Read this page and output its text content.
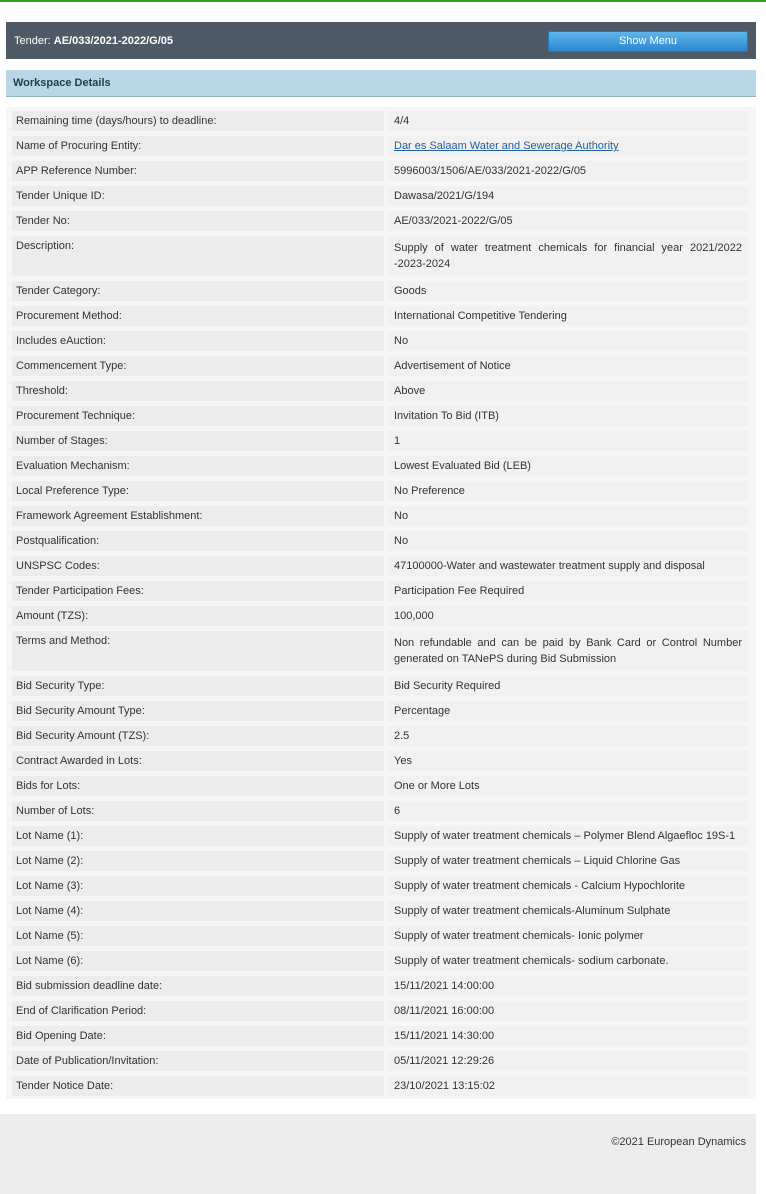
Tender: AE/033/2021-2022/G/05	Show Menu
Workspace Details
Remaining time (days/hours) to deadline:	4/4
Name of Procuring Entity:	Dar es Salaam Water and Sewerage Authority
APP Reference Number:	5996003/1506/AE/033/2021-2022/G/05
Tender Unique ID:	Dawasa/2021/G/194
Tender No:	AE/033/2021-2022/G/05
Description:	Supply of water treatment chemicals for financial year 2021/2022 -2023-2024
Tender Category:	Goods
Procurement Method:	International Competitive Tendering
Includes eAuction:	No
Commencement Type:	Advertisement of Notice
Threshold:	Above
Procurement Technique:	Invitation To Bid (ITB)
Number of Stages:	1
Evaluation Mechanism:	Lowest Evaluated Bid (LEB)
Local Preference Type:	No Preference
Framework Agreement Establishment:	No
Postqualification:	No
UNSPSC Codes:	47100000-Water and wastewater treatment supply and disposal
Tender Participation Fees:	Participation Fee Required
Amount (TZS):	100,000
Terms and Method:	Non refundable and can be paid by Bank Card or Control Number generated on TANePS during Bid Submission
Bid Security Type:	Bid Security Required
Bid Security Amount Type:	Percentage
Bid Security Amount (TZS):	2.5
Contract Awarded in Lots:	Yes
Bids for Lots:	One or More Lots
Number of Lots:	6
Lot Name (1):	Supply of water treatment chemicals – Polymer Blend Algaefloc 19S-1
Lot Name (2):	Supply of water treatment chemicals – Liquid Chlorine Gas
Lot Name (3):	Supply of water treatment chemicals - Calcium Hypochlorite
Lot Name (4):	Supply of water treatment chemicals-Aluminum Sulphate
Lot Name (5):	Supply of water treatment chemicals- Ionic polymer
Lot Name (6):	Supply of water treatment chemicals- sodium carbonate.
Bid submission deadline date:	15/11/2021 14:00:00
End of Clarification Period:	08/11/2021 16:00:00
Bid Opening Date:	15/11/2021 14:30:00
Date of Publication/Invitation:	05/11/2021 12:29:26
Tender Notice Date:	23/10/2021 13:15:02
©2021 European Dynamics
